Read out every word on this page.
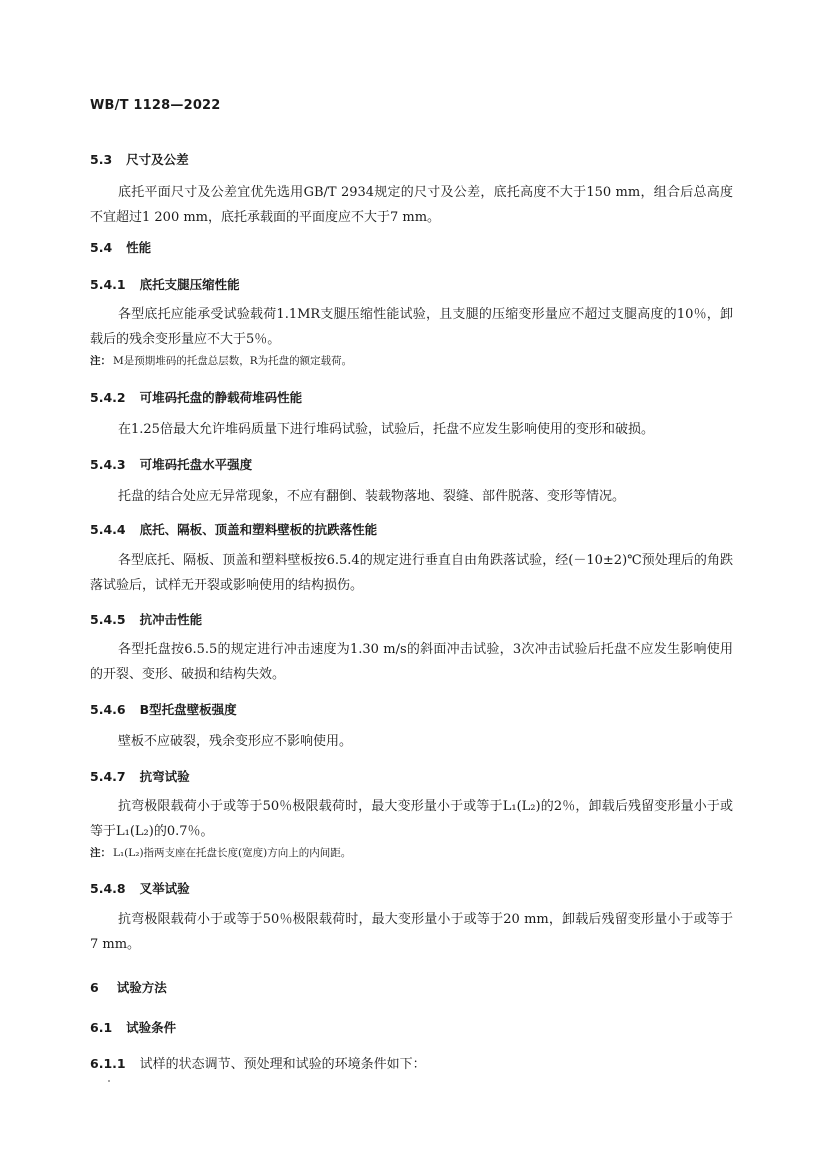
WB/T 1128—2022
5.3 尺寸及公差
底托平面尺寸及公差宜优先选用GB/T 2934规定的尺寸及公差，底托高度不大于150 mm，组合后总高度不宜超过1 200 mm，底托承载面的平面度应不大于7 mm。
5.4 性能
5.4.1 底托支腿压缩性能
各型底托应能承受试验载荷1.1MR支腿压缩性能试验，且支腿的压缩变形量应不超过支腿高度的10％，卸载后的残余变形量应不大于5％。
注： M是预期堆码的托盘总层数，R为托盘的额定载荷。
5.4.2 可堆码托盘的静载荷堆码性能
在1.25倍最大允许堆码质量下进行堆码试验，试验后，托盘不应发生影响使用的变形和破损。
5.4.3 可堆码托盘水平强度
托盘的结合处应无异常现象，不应有翻倒、装载物落地、裂缝、部件脱落、变形等情况。
5.4.4 底托、隔板、顶盖和塑料壁板的抗跌落性能
各型底托、隔板、顶盖和塑料壁板按6.5.4的规定进行垂直自由角跌落试验，经(－10±2)℃预处理后的角跌落试验后，试样无开裂或影响使用的结构损伤。
5.4.5 抗冲击性能
各型托盘按6.5.5的规定进行冲击速度为1.30 m/s的斜面冲击试验，3次冲击试验后托盘不应发生影响使用的开裂、变形、破损和结构失效。
5.4.6 B型托盘壁板强度
壁板不应破裂，残余变形应不影响使用。
5.4.7 抗弯试验
抗弯极限载荷小于或等于50％极限载荷时，最大变形量小于或等于L₁(L₂)的2％，卸载后残留变形量小于或等于L₁(L₂)的0.7％。
注： L₁(L₂)指两支座在托盘长度(宽度)方向上的内间距。
5.4.8 叉举试验
抗弯极限载荷小于或等于50％极限载荷时，最大变形量小于或等于20 mm，卸载后残留变形量小于或等于7 mm。
6 试验方法
6.1 试验条件
6.1.1 试样的状态调节、预处理和试验的环境条件如下：
